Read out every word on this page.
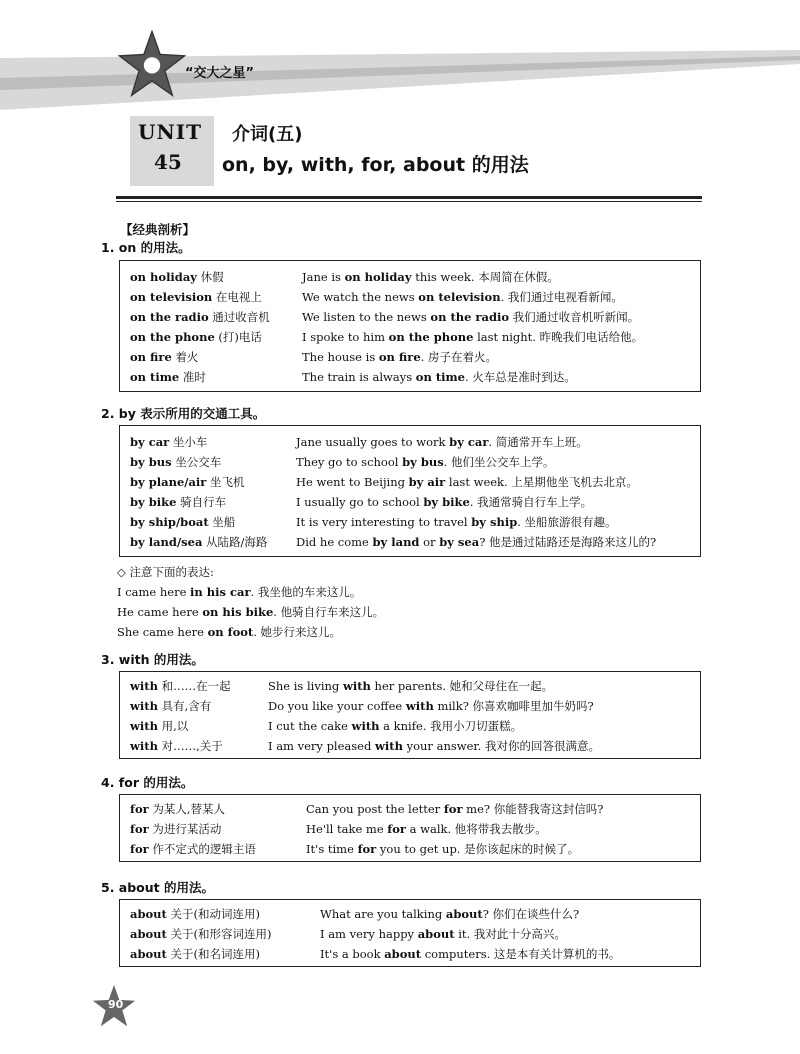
“交大之星”
UNIT
45
介词(五)
on, by, with, for, about 的用法
【经典剖析】
1. on 的用法。
on holiday 休假	Jane is on holiday this week. 本周简在休假。
on television 在电视上	We watch the news on television. 我们通过电视看新闻。
on the radio 通过收音机	We listen to the news on the radio 我们通过收音机听新闻。
on the phone (打)电话	I spoke to him on the phone last night. 昨晚我们电话给他。
on fire 着火	The house is on fire. 房子在着火。
on time 准时	The train is always on time. 火车总是准时到达。
2. by 表示所用的交通工具。
by car 坐小车	Jane usually goes to work by car. 简通常开车上班。
by bus 坐公交车	They go to school by bus. 他们坐公交车上学。
by plane/air 坐飞机	He went to Beijing by air last week. 上星期他坐飞机去北京。
by bike 骑自行车	I usually go to school by bike. 我通常骑自行车上学。
by ship/boat 坐船	It is very interesting to travel by ship. 坐船旅游很有趣。
by land/sea 从陆路/海路 Did he come by land or by sea? 他是通过陆路还是海路来这儿的?
◇ 注意下面的表达:
I came here in his car. 我坐他的车来这儿。
He came here on his bike. 他骑自行车来这儿。
She came here on foot. 她步行来这儿。
3. with 的用法。
with 和……在一起	She is living with her parents. 她和父母住在一起。
with 具有,含有	Do you like your coffee with milk? 你喜欢咖啡里加牛奶吗?
with 用,以	I cut the cake with a knife. 我用小刀切蛋糕。
with 对……,关于	I am very pleased with your answer. 我对你的回答很满意。
4. for 的用法。
for 为某人,替某人	Can you post the letter for me? 你能替我寄这封信吗?
for 为进行某活动	He'll take me for a walk. 他将带我去散步。
for 作不定式的逻辑主语	It's time for you to get up. 是你该起床的时候了。
5. about 的用法。
about 关于(和动词连用)	What are you talking about? 你们在谈些什么?
about 关于(和形容词连用)	I am very happy about it. 我对此十分高兴。
about 关于(和名词连用)	It's a book about computers. 这是本有关计算机的书。
90
